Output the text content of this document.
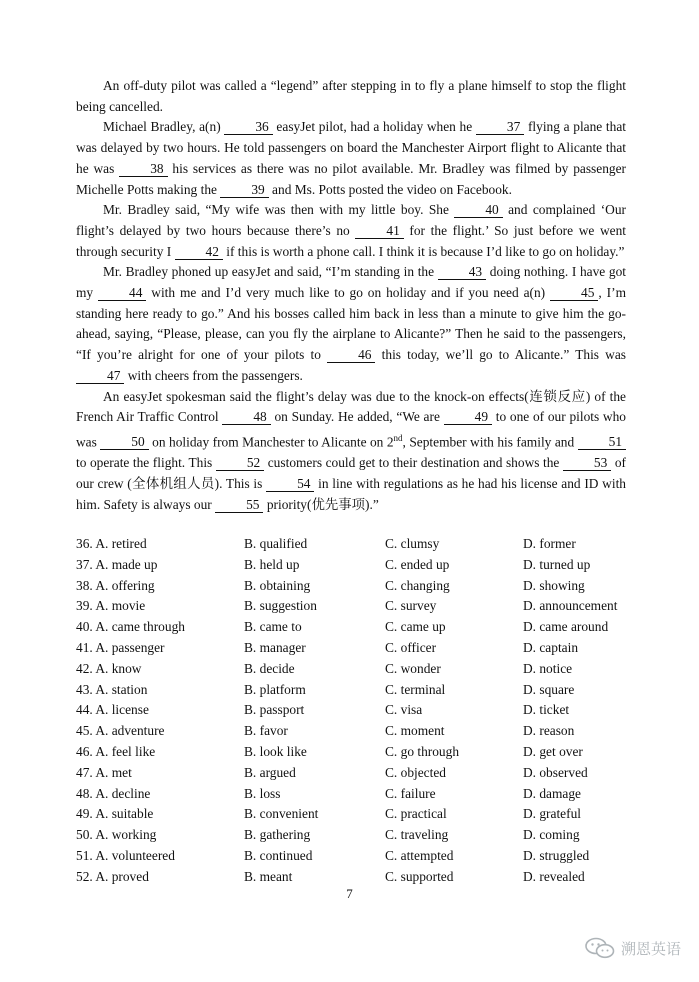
An off-duty pilot was called a “legend” after stepping in to fly a plane himself to stop the flight being cancelled.

Michael Bradley, a(n) 36 easyJet pilot, had a holiday when he 37 flying a plane that was delayed by two hours. He told passengers on board the Manchester Airport flight to Alicante that he was 38 his services as there was no pilot available. Mr. Bradley was filmed by passenger Michelle Potts making the 39 and Ms. Potts posted the video on Facebook.

Mr. Bradley said, “My wife was then with my little boy. She 40 and complained ‘Our flight’s delayed by two hours because there’s no 41 for the flight.’ So just before we went through security I 42 if this is worth a phone call. I think it is because I’d like to go on holiday.”

Mr. Bradley phoned up easyJet and said, “I’m standing in the 43 doing nothing. I have got my 44 with me and I’d very much like to go on holiday and if you need a(n) 45 , I’m standing here ready to go.” And his bosses called him back in less than a minute to give him the go-ahead, saying, “Please, please, can you fly the airplane to Alicante?” Then he said to the passengers, “If you’re alright for one of your pilots to 46 this today, we’ll go to Alicante.” This was 47 with cheers from the passengers.

An easyJet spokesman said the flight’s delay was due to the knock-on effects(连锁反应) of the French Air Traffic Control 48 on Sunday. He added, “We are 49 to one of our pilots who was 50 on holiday from Manchester to Alicante on 2nd, September with his family and 51 to operate the flight. This 52 customers could get to their destination and shows the 53 of our crew (全体机组人员). This is 54 in line with regulations as he had his license and ID with him. Safety is always our 55 priority(优先事项).”

36. A. retired	B. qualified	C. clumsy	D. former
37. A. made up	B. held up	C. ended up	D. turned up
38. A. offering	B. obtaining	C. changing	D. showing
39. A. movie	B. suggestion	C. survey	D. announcement
40. A. came through	B. came to	C. came up	D. came around
41. A. passenger	B. manager	C. officer	D. captain
42. A. know	B. decide	C. wonder	D. notice
43. A. station	B. platform	C. terminal	D. square
44. A. license	B. passport	C. visa	D. ticket
45. A. adventure	B. favor	C. moment	D. reason
46. A. feel like	B. look like	C. go through	D. get over
47. A. met	B. argued	C. objected	D. observed
48. A. decline	B. loss	C. failure	D. damage
49. A. suitable	B. convenient	C. practical	D. grateful
50. A. working	B. gathering	C. traveling	D. coming
51. A. volunteered	B. continued	C. attempted	D. struggled
52. A. proved	B. meant	C. supported	D. revealed
7
溯恩英语
